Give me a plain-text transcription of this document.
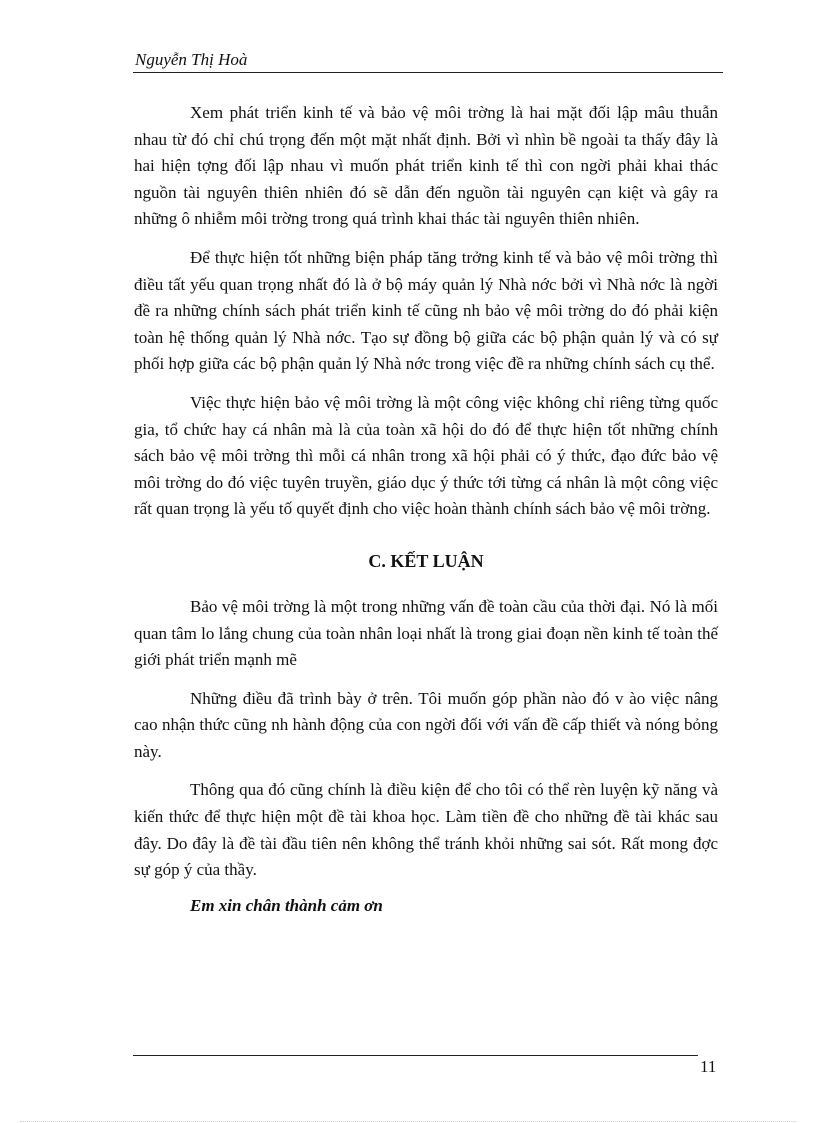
Nguyễn Thị Hoà

Xem phát triển kinh tế và bảo vệ môi trờng là hai mặt đối lập mâu thuẫn nhau từ đó chỉ chú trọng đến một mặt nhất định. Bởi vì nhìn bề ngoài ta thấy đây là hai hiện tợng đối lập nhau vì muốn phát triển kinh tế thì con ngời phải khai thác nguồn tài nguyên thiên nhiên đó sẽ dẫn đến nguồn tài nguyên cạn kiệt và gây ra những ô nhiễm môi trờng trong quá trình khai thác tài nguyên thiên nhiên.

Để thực hiện tốt những biện pháp tăng trởng kinh tế và bảo vệ môi trờng thì điều tất yếu quan trọng nhất đó là ở bộ máy quản lý Nhà nớc bởi vì Nhà nớc là ngời đề ra những chính sách phát triển kinh tế cũng nh bảo vệ môi trờng do đó phải kiện toàn hệ thống quản lý Nhà nớc. Tạo sự đồng bộ giữa các bộ phận quản lý và có sự phối hợp giữa các bộ phận quản lý Nhà nớc trong việc đề ra những chính sách cụ thể.

Việc thực hiện bảo vệ môi trờng là một công việc không chỉ riêng từng quốc gia, tổ chức hay cá nhân mà là của toàn xã hội do đó để thực hiện tốt những chính sách bảo vệ môi trờng thì mỗi cá nhân trong xã hội phải có ý thức, đạo đức bảo vệ môi trờng do đó việc tuyên truyền, giáo dục ý thức tới từng cá nhân là một công việc rất quan trọng là yếu tố quyết định cho việc hoàn thành chính sách bảo vệ môi trờng.

C. KẾT LUẬN

Bảo vệ môi trờng là một trong những vấn đề toàn cầu của thời đại. Nó là mối quan tâm lo lắng chung của toàn nhân loại nhất là trong giai đoạn nền kinh tế toàn thế giới phát triển mạnh mẽ

Những điều đã trình bày ở trên. Tôi muốn góp phần nào đó v ào việc nâng cao nhận thức cũng nh hành động của con ngời đối với vấn đề cấp thiết và nóng bỏng này.

Thông qua đó cũng chính là điều kiện để cho tôi có thể rèn luyện kỹ năng và kiến thức để thực hiện một đề tài khoa học. Làm tiền đề cho những đề tài khác sau đây. Do đây là đề tài đầu tiên nên không thể tránh khỏi những sai sót. Rất mong đợc sự góp ý của thầy.

Em xin chân thành cảm ơn

11
